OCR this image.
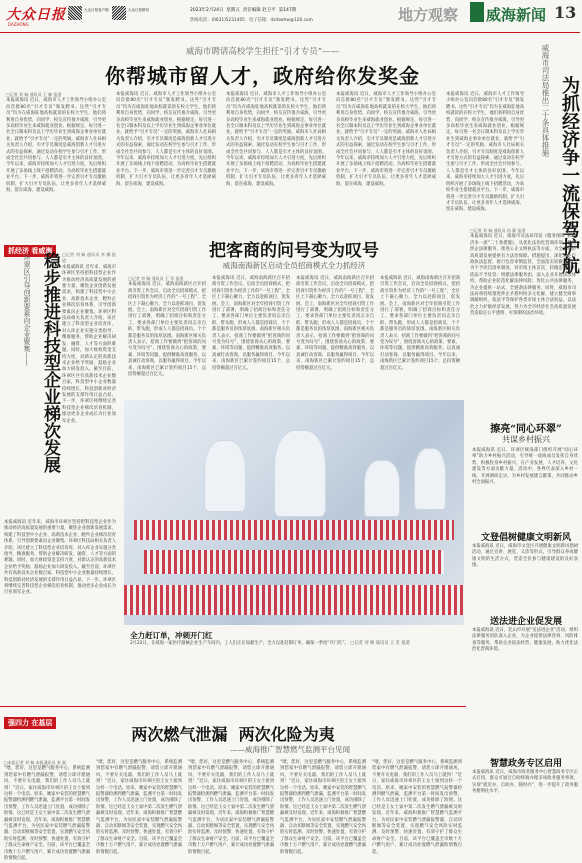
大众日报
DAZHONG
大众日报客户端	大众日报微信	2023年2月24日 星期五 责任编辑 赵卫平 第147期
热线电话：(0631)5231405 电子信箱：dzrbwhw@126.com	地方观察 威海新闻 13
威海市聘请高校学生担任“引才专员”——
你帮城市留人才，政府给你发奖金
□记者 刘 畅 通讯员 王 楠 报道
本报威海讯 近日，威海市人才工作领导小组办公室向首批80名“引才专员”颁发聘书。这些“引才专员”均为在威海驻地高校就读的在校大学生，他们将利用自身优势，向同学、校友宣传推介威海，引导更多高校毕业生来威海就业创业。根据规定，每引进一名全日制本科及以上学历毕业生到威海企事业单位就业，就给予“引才专员”一定的奖励。威海市人社局相关负责人介绍，引才专员制度是威海创新人才引进方式的有益探索，通过发动在校学生参与引才工作，形成全社会共同参与、人人都是引才主体的良好氛围。今年以来，威海市持续加大人才引进力度，先后组织开展了多场线上线下招聘活动，为高校毕业生搭建就业平台。下一步，威海市将进一步完善引才专员激励机制，扩大引才专员队伍，让更多青年人才选择威海、留在威海、建设威海。
本报威海讯 近日，威海市人才工作领导小组办公室向首批80名“引才专员”颁发聘书。这些“引才专员”均为在威海驻地高校就读的在校大学生，他们将利用自身优势，向同学、校友宣传推介威海，引导更多高校毕业生来威海就业创业。根据规定，每引进一名全日制本科及以上学历毕业生到威海企事业单位就业，就给予“引才专员”一定的奖励。威海市人社局相关负责人介绍，引才专员制度是威海创新人才引进方式的有益探索，通过发动在校学生参与引才工作，形成全社会共同参与、人人都是引才主体的良好氛围。今年以来，威海市持续加大人才引进力度，先后组织开展了多场线上线下招聘活动，为高校毕业生搭建就业平台。下一步，威海市将进一步完善引才专员激励机制，扩大引才专员队伍，让更多青年人才选择威海、留在威海、建设威海。
本报威海讯 近日，威海市人才工作领导小组办公室向首批80名“引才专员”颁发聘书。这些“引才专员”均为在威海驻地高校就读的在校大学生，他们将利用自身优势，向同学、校友宣传推介威海，引导更多高校毕业生来威海就业创业。根据规定，每引进一名全日制本科及以上学历毕业生到威海企事业单位就业，就给予“引才专员”一定的奖励。威海市人社局相关负责人介绍，引才专员制度是威海创新人才引进方式的有益探索，通过发动在校学生参与引才工作，形成全社会共同参与、人人都是引才主体的良好氛围。今年以来，威海市持续加大人才引进力度，先后组织开展了多场线上线下招聘活动，为高校毕业生搭建就业平台。下一步，威海市将进一步完善引才专员激励机制，扩大引才专员队伍，让更多青年人才选择威海、留在威海、建设威海。
本报威海讯 近日，威海市人才工作领导小组办公室向首批80名“引才专员”颁发聘书。这些“引才专员”均为在威海驻地高校就读的在校大学生，他们将利用自身优势，向同学、校友宣传推介威海，引导更多高校毕业生来威海就业创业。根据规定，每引进一名全日制本科及以上学历毕业生到威海企事业单位就业，就给予“引才专员”一定的奖励。威海市人社局相关负责人介绍，引才专员制度是威海创新人才引进方式的有益探索，通过发动在校学生参与引才工作，形成全社会共同参与、人人都是引才主体的良好氛围。今年以来，威海市持续加大人才引进力度，先后组织开展了多场线上线下招聘活动，为高校毕业生搭建就业平台。下一步，威海市将进一步完善引才专员激励机制，扩大引才专员队伍，让更多青年人才选择威海、留在威海、建设威海。
本报威海讯 近日，威海市人才工作领导小组办公室向首批80名“引才专员”颁发聘书。这些“引才专员”均为在威海驻地高校就读的在校大学生，他们将利用自身优势，向同学、校友宣传推介威海，引导更多高校毕业生来威海就业创业。根据规定，每引进一名全日制本科及以上学历毕业生到威海企事业单位就业，就给予“引才专员”一定的奖励。威海市人社局相关负责人介绍，引才专员制度是威海创新人才引进方式的有益探索，通过发动在校学生参与引才工作，形成全社会共同参与、人人都是引才主体的良好氛围。今年以来，威海市持续加大人才引进力度，先后组织开展了多场线上线下招聘活动，为高校毕业生搭建就业平台。下一步，威海市将进一步完善引才专员激励机制，扩大引才专员队伍，让更多青年人才选择威海、留在威海、建设威海。	为抓经济争一流保驾护航
威海市司法局推出二十条具体措施
□记者 刘 畅 通讯员 孙 颖 报道
本报威海讯 近日，威海市司法局印发《服务保障“抓经济争一流”二十条措施》，从优化法治化营商环境、强化涉企法律服务、推进公正文明执法等方面，为全市经济高质量发展提供有力法治保障。措施提出，深化涉企行政执法监督，推行包容审慎监管，全面落实轻微违法行为不予处罚清单制度，对市场主体首次、轻微违法行为依法不予处罚；组建法律服务团，深入企业开展法治体检，帮助企业防范化解法律风险；优化公共法律服务，为企业提供一站式、全链条法律服务。同时，威海市司法局将持续推进涉企矛盾纠纷多元化解，建立健全商事调解组织，依法平等保护各类市场主体合法权益，以法治之力护航经济发展，努力为全市经济社会高质量发展营造稳定公平透明、可预期的法治环境。
抓经济 看威海
稳步推进科技型企业梯次发展
环翠区引导创新要素向企业聚集——	□记者 刘 畅 通讯员 李 娜 报道
本报威海讯 近年来，威海市环翠区坚持把科技型企业作为推动经济高质量发展的重要力量，聚焦企业创新发展需求，构建了科技型中小企业、高新技术企业、瞪羚企业梯次培育体系，引导创新要素向企业聚集。环翠区科技局相关负责人介绍，该区建立了科技型企业培育库，对入库企业实施分类指导、精准服务，帮助企业解决研发、融资、人才等方面的难题。同时，加大财政资金支持力度，对新认定的高新技术企业给予奖励，鼓励企业加大研发投入。截至目前，环翠区共有高新技术企业数百家，科技型中小企业数量持续增长，科技创新对经济发展的支撑作用日益凸显。下一步，环翠区将继续完善科技型企业梯次培育机制，推动更多企业成长为行业领军企业。
本报威海讯 近年来，威海市环翠区坚持把科技型企业作为推动经济高质量发展的重要力量，聚焦企业创新发展需求，构建了科技型中小企业、高新技术企业、瞪羚企业梯次培育体系，引导创新要素向企业聚集。环翠区科技局相关负责人介绍，该区建立了科技型企业培育库，对入库企业实施分类指导、精准服务，帮助企业解决研发、融资、人才等方面的难题。同时，加大财政资金支持力度，对新认定的高新技术企业给予奖励，鼓励企业加大研发投入。截至目前，环翠区共有高新技术企业数百家，科技型中小企业数量持续增长，科技创新对经济发展的支撑作用日益凸显。下一步，环翠区将继续完善科技型企业梯次培育机制，推动更多企业成长为行业领军企业。
把客商的问号变为叹号
威海南海新区启动全员招商模式全力抓经济
□记者 刘 畅 通讯员 王 军 报道
本报威海讯 近日，威海南海新区召开招商引资工作会议，启动全员招商模式，把招商引资作为经济工作的“一号工程”，全区上下凝心聚力，全力以赴抓项目、促发展。会上，南海新区对全年招商引资工作进行了部署，明确了招商目标和责任分工，要求各部门单位主要负责同志亲自抓、带头跑，形成人人都是招商员、个个都是服务员的浓厚氛围。南海新区相关负责人表示，招商工作要做到“把客商的问号变为叹号”，围绕客商关心的政策、要素、环境等问题，提供精准高效服务，以真诚打动客商，以服务赢得项目。今年以来，南海新区已累计签约项目15个，总投资额超过百亿元。
本报威海讯 近日，威海南海新区召开招商引资工作会议，启动全员招商模式，把招商引资作为经济工作的“一号工程”，全区上下凝心聚力，全力以赴抓项目、促发展。会上，南海新区对全年招商引资工作进行了部署，明确了招商目标和责任分工，要求各部门单位主要负责同志亲自抓、带头跑，形成人人都是招商员、个个都是服务员的浓厚氛围。南海新区相关负责人表示，招商工作要做到“把客商的问号变为叹号”，围绕客商关心的政策、要素、环境等问题，提供精准高效服务，以真诚打动客商，以服务赢得项目。今年以来，南海新区已累计签约项目15个，总投资额超过百亿元。
本报威海讯 近日，威海南海新区召开招商引资工作会议，启动全员招商模式，把招商引资作为经济工作的“一号工程”，全区上下凝心聚力，全力以赴抓项目、促发展。会上，南海新区对全年招商引资工作进行了部署，明确了招商目标和责任分工，要求各部门单位主要负责同志亲自抓、带头跑，形成人人都是招商员、个个都是服务员的浓厚氛围。南海新区相关负责人表示，招商工作要做到“把客商的问号变为叹号”，围绕客商关心的政策、要素、环境等问题，提供精准高效服务，以真诚打动客商，以服务赢得项目。今年以来，南海新区已累计签约项目15个，总投资额超过百亿元。
本报威海讯 近日，威海南海新区召开招商引资工作会议，启动全员招商模式，把招商引资作为经济工作的“一号工程”，全区上下凝心聚力，全力以赴抓项目、促发展。会上，南海新区对全年招商引资工作进行了部署，明确了招商目标和责任分工，要求各部门单位主要负责同志亲自抓、带头跑，形成人人都是招商员、个个都是服务员的浓厚氛围。南海新区相关负责人表示，招商工作要做到“把客商的问号变为叹号”，围绕客商关心的政策、要素、环境等问题，提供精准高效服务，以真诚打动客商，以服务赢得项目。今年以来，南海新区已累计签约项目15个，总投资额超过百亿元。
全力赶订单，冲刺开门红
2月22日，在威海一家医疗器械企业生产车间内，工人们正在加紧生产，全力以赴赶制订单，确保一季度“开门红”。 □记者 刘 畅 通讯员 王 奇 报道
擦亮“同心环翠”
共谋乡村振兴
本报威海讯 近日，环翠区统战部门组织开展“同心环翠”助力乡村振兴活动，引导统一战线成员发挥自身优势，积极投身乡村振兴，在产业发展、人才培养、文化建设等方面贡献力量。活动中，各界代表深入乡村一线，开展调研走访，为乡村发展建言献策，共同推动乡村全面振兴。
文登倡树健康文明新风
本报威海讯 近日，威海市文登区开展健康文明新风倡树活动，通过宣讲、展览、义诊等形式，引导群众养成健康文明的生活方式，营造全民参与健康建设的良好氛围。
送法进企业促发展
本报威海讯 近日，乳山市开展“送法进企业”活动，组织法律服务团队深入企业，为企业提供法律咨询、风险排查等服务，帮助企业依法经营、健康发展，助力优化法治化营商环境。
智慧政务专区启用
本报威海讯 近日，威海市政务服务中心智慧政务专区正式启用，群众可通过自助终端办理多项政务服务事项，实现“就近办、自助办、随时办”，进一步提升了政务服务便利化水平。
强四力 在基层
两次燃气泄漏  两次化险为夷
——威海推广智慧燃气监测平台见闻
□本报记者 刘 畅 本报通讯员 张 磊
“喂，您好，这里是燃气服务中心，系统监测到您家中有燃气泄漏报警，请您立即开窗通风，不要开关电器，我们的工作人员马上就到！”近日，家住威海市环翠区的王女士接到这样一个电话。原来，她家中安装的智慧燃气报警器检测到燃气泄漏，监测平台第一时间发出预警，工作人员迅速上门处置，成功排除了险情。这已经是王女士家中第二次发生燃气泄漏被及时发现。近年来，威海积极推广智慧燃气监测平台，为居民家中安装燃气泄漏报警器、自动切断阀等安全装置，实现燃气安全风险实时监测、及时预警、快速处置，有效守护了群众生命财产安全。目前，该平台已覆盖全市数十万户燃气用户，累计成功处置燃气泄漏险情数百起。
“喂，您好，这里是燃气服务中心，系统监测到您家中有燃气泄漏报警，请您立即开窗通风，不要开关电器，我们的工作人员马上就到！”近日，家住威海市环翠区的王女士接到这样一个电话。原来，她家中安装的智慧燃气报警器检测到燃气泄漏，监测平台第一时间发出预警，工作人员迅速上门处置，成功排除了险情。这已经是王女士家中第二次发生燃气泄漏被及时发现。近年来，威海积极推广智慧燃气监测平台，为居民家中安装燃气泄漏报警器、自动切断阀等安全装置，实现燃气安全风险实时监测、及时预警、快速处置，有效守护了群众生命财产安全。目前，该平台已覆盖全市数十万户燃气用户，累计成功处置燃气泄漏险情数百起。
“喂，您好，这里是燃气服务中心，系统监测到您家中有燃气泄漏报警，请您立即开窗通风，不要开关电器，我们的工作人员马上就到！”近日，家住威海市环翠区的王女士接到这样一个电话。原来，她家中安装的智慧燃气报警器检测到燃气泄漏，监测平台第一时间发出预警，工作人员迅速上门处置，成功排除了险情。这已经是王女士家中第二次发生燃气泄漏被及时发现。近年来，威海积极推广智慧燃气监测平台，为居民家中安装燃气泄漏报警器、自动切断阀等安全装置，实现燃气安全风险实时监测、及时预警、快速处置，有效守护了群众生命财产安全。目前，该平台已覆盖全市数十万户燃气用户，累计成功处置燃气泄漏险情数百起。
“喂，您好，这里是燃气服务中心，系统监测到您家中有燃气泄漏报警，请您立即开窗通风，不要开关电器，我们的工作人员马上就到！”近日，家住威海市环翠区的王女士接到这样一个电话。原来，她家中安装的智慧燃气报警器检测到燃气泄漏，监测平台第一时间发出预警，工作人员迅速上门处置，成功排除了险情。这已经是王女士家中第二次发生燃气泄漏被及时发现。近年来，威海积极推广智慧燃气监测平台，为居民家中安装燃气泄漏报警器、自动切断阀等安全装置，实现燃气安全风险实时监测、及时预警、快速处置，有效守护了群众生命财产安全。目前，该平台已覆盖全市数十万户燃气用户，累计成功处置燃气泄漏险情数百起。
“喂，您好，这里是燃气服务中心，系统监测到您家中有燃气泄漏报警，请您立即开窗通风，不要开关电器，我们的工作人员马上就到！”近日，家住威海市环翠区的王女士接到这样一个电话。原来，她家中安装的智慧燃气报警器检测到燃气泄漏，监测平台第一时间发出预警，工作人员迅速上门处置，成功排除了险情。这已经是王女士家中第二次发生燃气泄漏被及时发现。近年来，威海积极推广智慧燃气监测平台，为居民家中安装燃气泄漏报警器、自动切断阀等安全装置，实现燃气安全风险实时监测、及时预警、快速处置，有效守护了群众生命财产安全。目前，该平台已覆盖全市数十万户燃气用户，累计成功处置燃气泄漏险情数百起。
